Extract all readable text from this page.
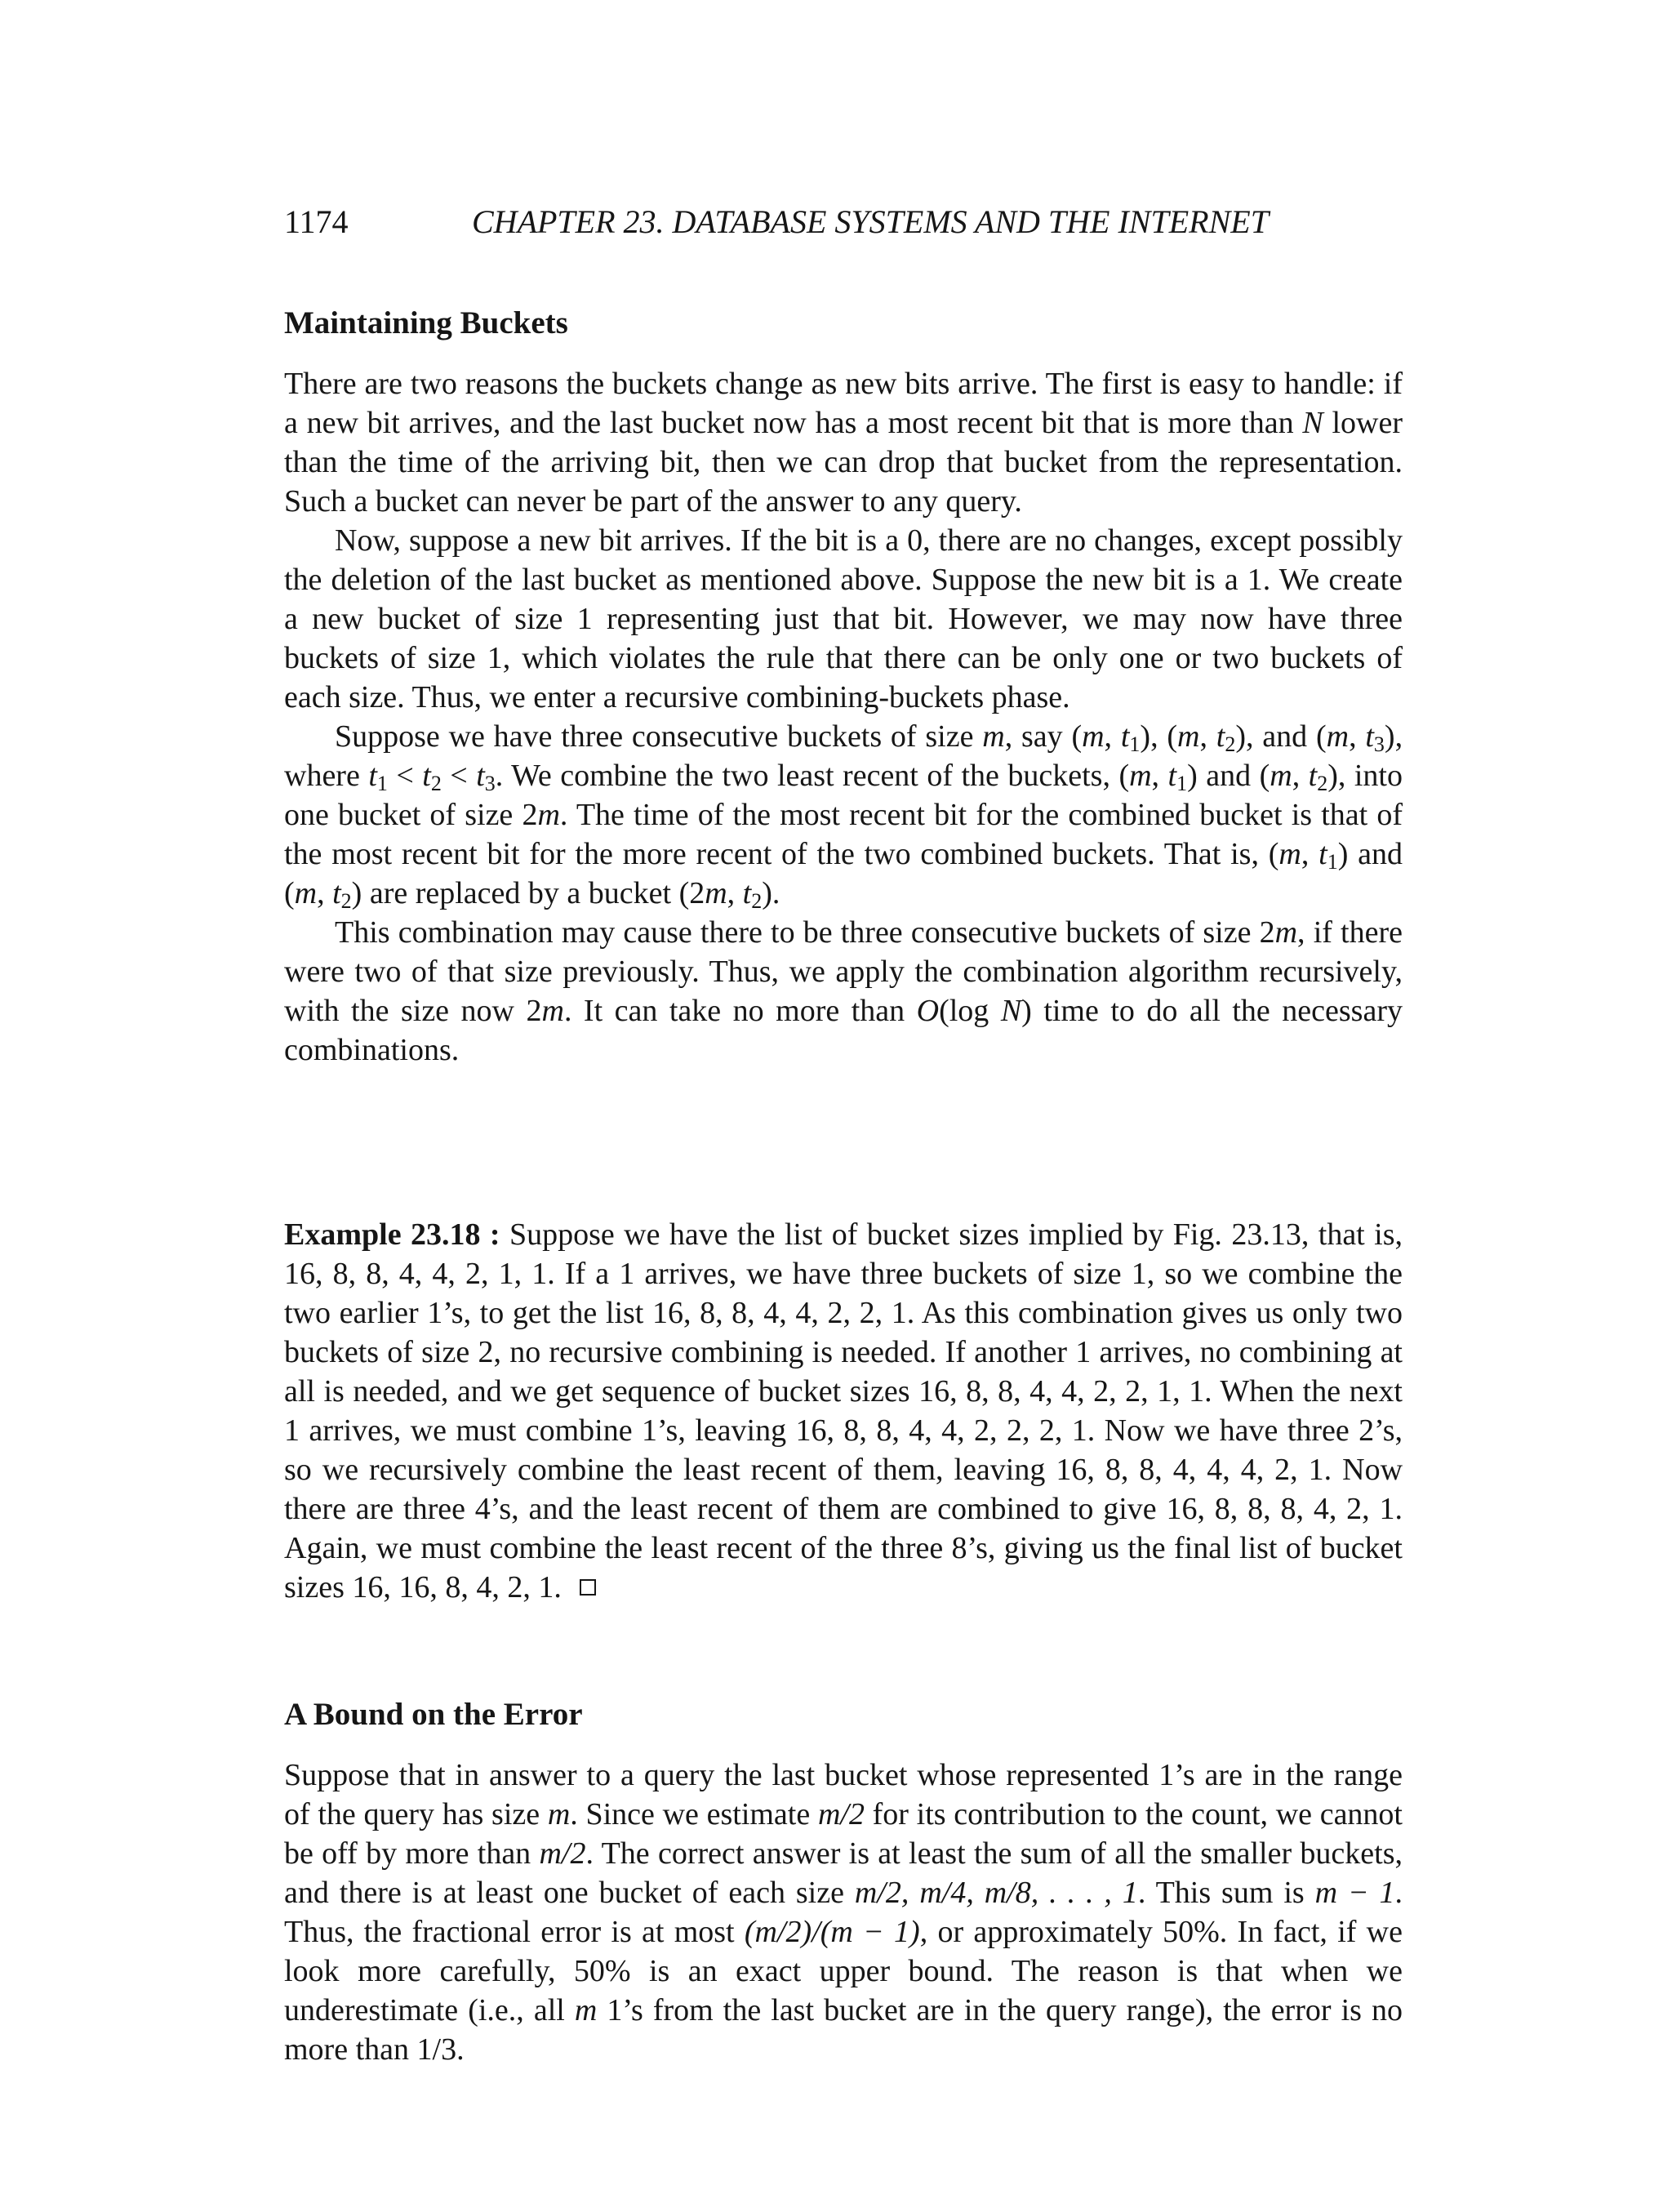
1174	CHAPTER 23. DATABASE SYSTEMS AND THE INTERNET
Maintaining Buckets

There are two reasons the buckets change as new bits arrive. The first is easy to handle: if a new bit arrives, and the last bucket now has a most recent bit that is more than N lower than the time of the arriving bit, then we can drop that bucket from the representation. Such a bucket can never be part of the answer to any query.

Now, suppose a new bit arrives. If the bit is a 0, there are no changes, except possibly the deletion of the last bucket as mentioned above. Suppose the new bit is a 1. We create a new bucket of size 1 representing just that bit. However, we may now have three buckets of size 1, which violates the rule that there can be only one or two buckets of each size. Thus, we enter a recursive combining-buckets phase.

Suppose we have three consecutive buckets of size m, say (m, $t_1$), (m, $t_2$), and (m, $t_3$), where $t_1 < t_2 < t_3$. We combine the two least recent of the buckets, (m, $t_1$) and (m, $t_2$), into one bucket of size 2m. The time of the most recent bit for the combined bucket is that of the most recent bit for the more recent of the two combined buckets. That is, (m, $t_1$) and (m, $t_2$) are replaced by a bucket (2m, $t_2$).

This combination may cause there to be three consecutive buckets of size 2m, if there were two of that size previously. Thus, we apply the combination algorithm recursively, with the size now 2m. It can take no more than O(log N) time to do all the necessary combinations.

Example 23.18 : Suppose we have the list of bucket sizes implied by Fig. 23.13, that is, 16, 8, 8, 4, 4, 2, 1, 1. If a 1 arrives, we have three buckets of size 1, so we combine the two earlier 1’s, to get the list 16, 8, 8, 4, 4, 2, 2, 1. As this combination gives us only two buckets of size 2, no recursive combining is needed. If another 1 arrives, no combining at all is needed, and we get sequence of bucket sizes 16, 8, 8, 4, 4, 2, 2, 1, 1. When the next 1 arrives, we must combine 1’s, leaving 16, 8, 8, 4, 4, 2, 2, 2, 1. Now we have three 2’s, so we recursively combine the least recent of them, leaving 16, 8, 8, 4, 4, 4, 2, 1. Now there are three 4’s, and the least recent of them are combined to give 16, 8, 8, 8, 4, 2, 1. Again, we must combine the least recent of the three 8’s, giving us the final list of bucket sizes 16, 16, 8, 4, 2, 1.

A Bound on the Error

Suppose that in answer to a query the last bucket whose represented 1’s are in the range of the query has size m. Since we estimate m/2 for its contribution to the count, we cannot be off by more than m/2. The correct answer is at least the sum of all the smaller buckets, and there is at least one bucket of each size m/2, m/4, m/8, . . . , 1. This sum is m − 1. Thus, the fractional error is at most (m/2)/(m − 1), or approximately 50%. In fact, if we look more carefully, 50% is an exact upper bound. The reason is that when we underestimate (i.e., all m 1’s from the last bucket are in the query range), the error is no more than 1/3.
